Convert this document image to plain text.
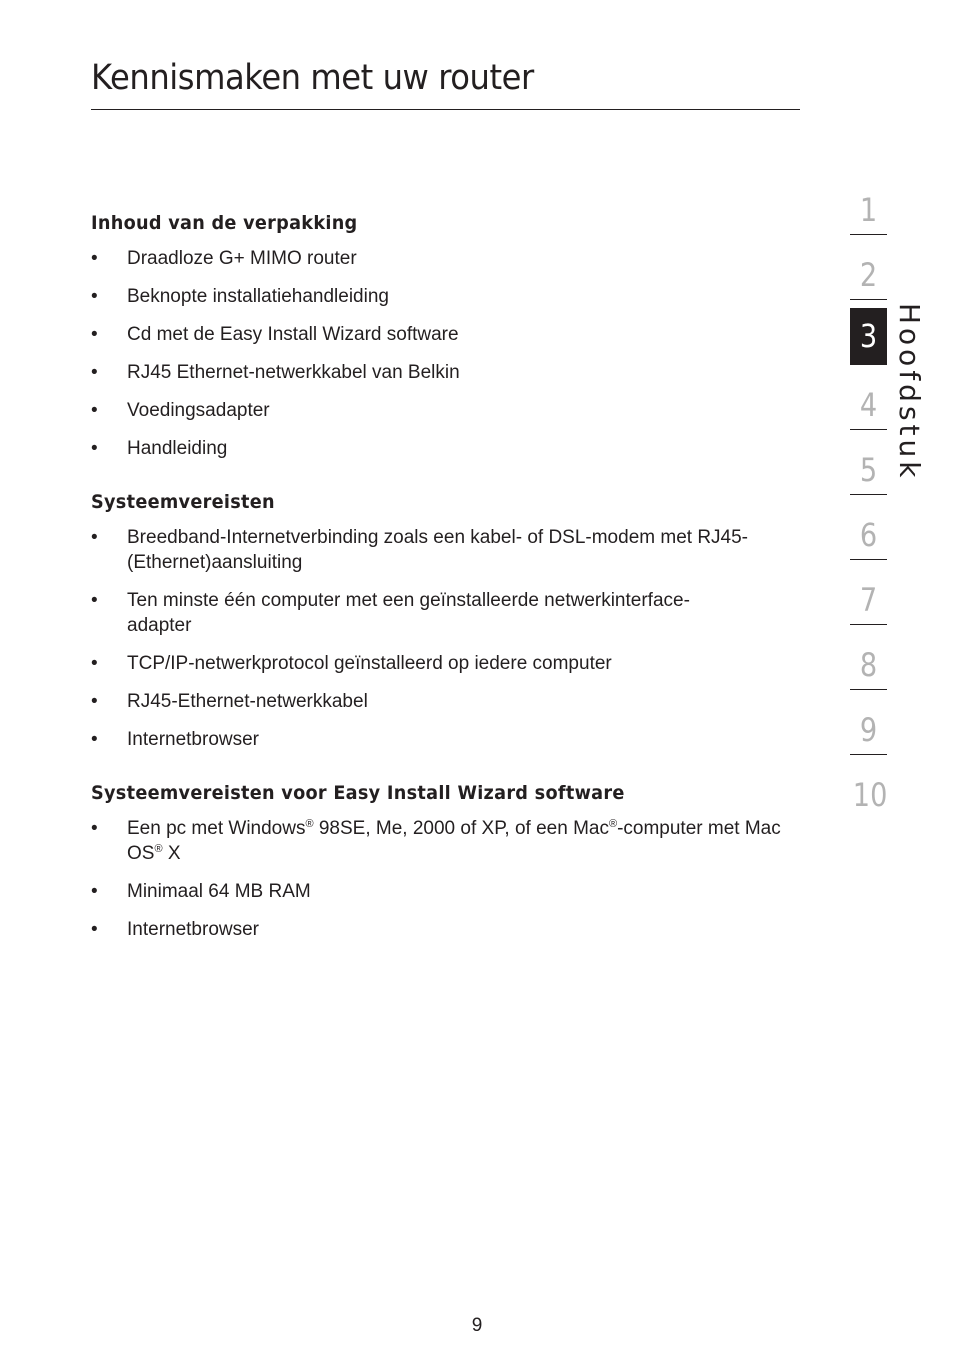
Kennismaken met uw router
Inhoud van de verpakking
•	Draadloze G+ MIMO router
•	Beknopte installatiehandleiding
•	Cd met de Easy Install Wizard software
•	RJ45 Ethernet-netwerkkabel van Belkin
•	Voedingsadapter
•	Handleiding
Systeemvereisten
•	Breedband-Internetverbinding zoals een kabel- of DSL-modem met RJ45-(Ethernet)aansluiting
•	Ten minste één computer met een geïnstalleerde netwerkinterface-adapter
•	TCP/IP-netwerkprotocol geïnstalleerd op iedere computer
•	RJ45-Ethernet-netwerkkabel
•	Internetbrowser
Systeemvereisten voor Easy Install Wizard software
•	Een pc met Windows® 98SE, Me, 2000 of XP, of een Mac®-computer met Mac OS® X
•	Minimaal 64 MB RAM
•	Internetbrowser
1
2
4
5
6
7
8
9
10
3 Hoofdstuk
9
